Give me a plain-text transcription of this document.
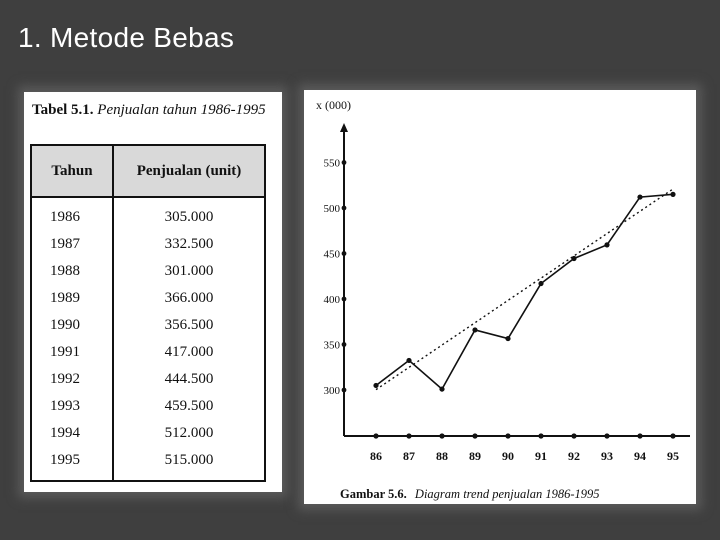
1. Metode Bebas
Tabel 5.1. Penjualan tahun 1986-1995
Tahun	Penjualan (unit)
1986	305.000
1987	332.500
1988	301.000
1989	366.000
1990	356.500
1991	417.000
1992	444.500
1993	459.500
1994	512.000
1995	515.000
x (000)
300
350
400
450
500
550
86 87 88 89 90 91 92 93 94 95
Gambar 5.6. Diagram trend penjualan 1986-1995
